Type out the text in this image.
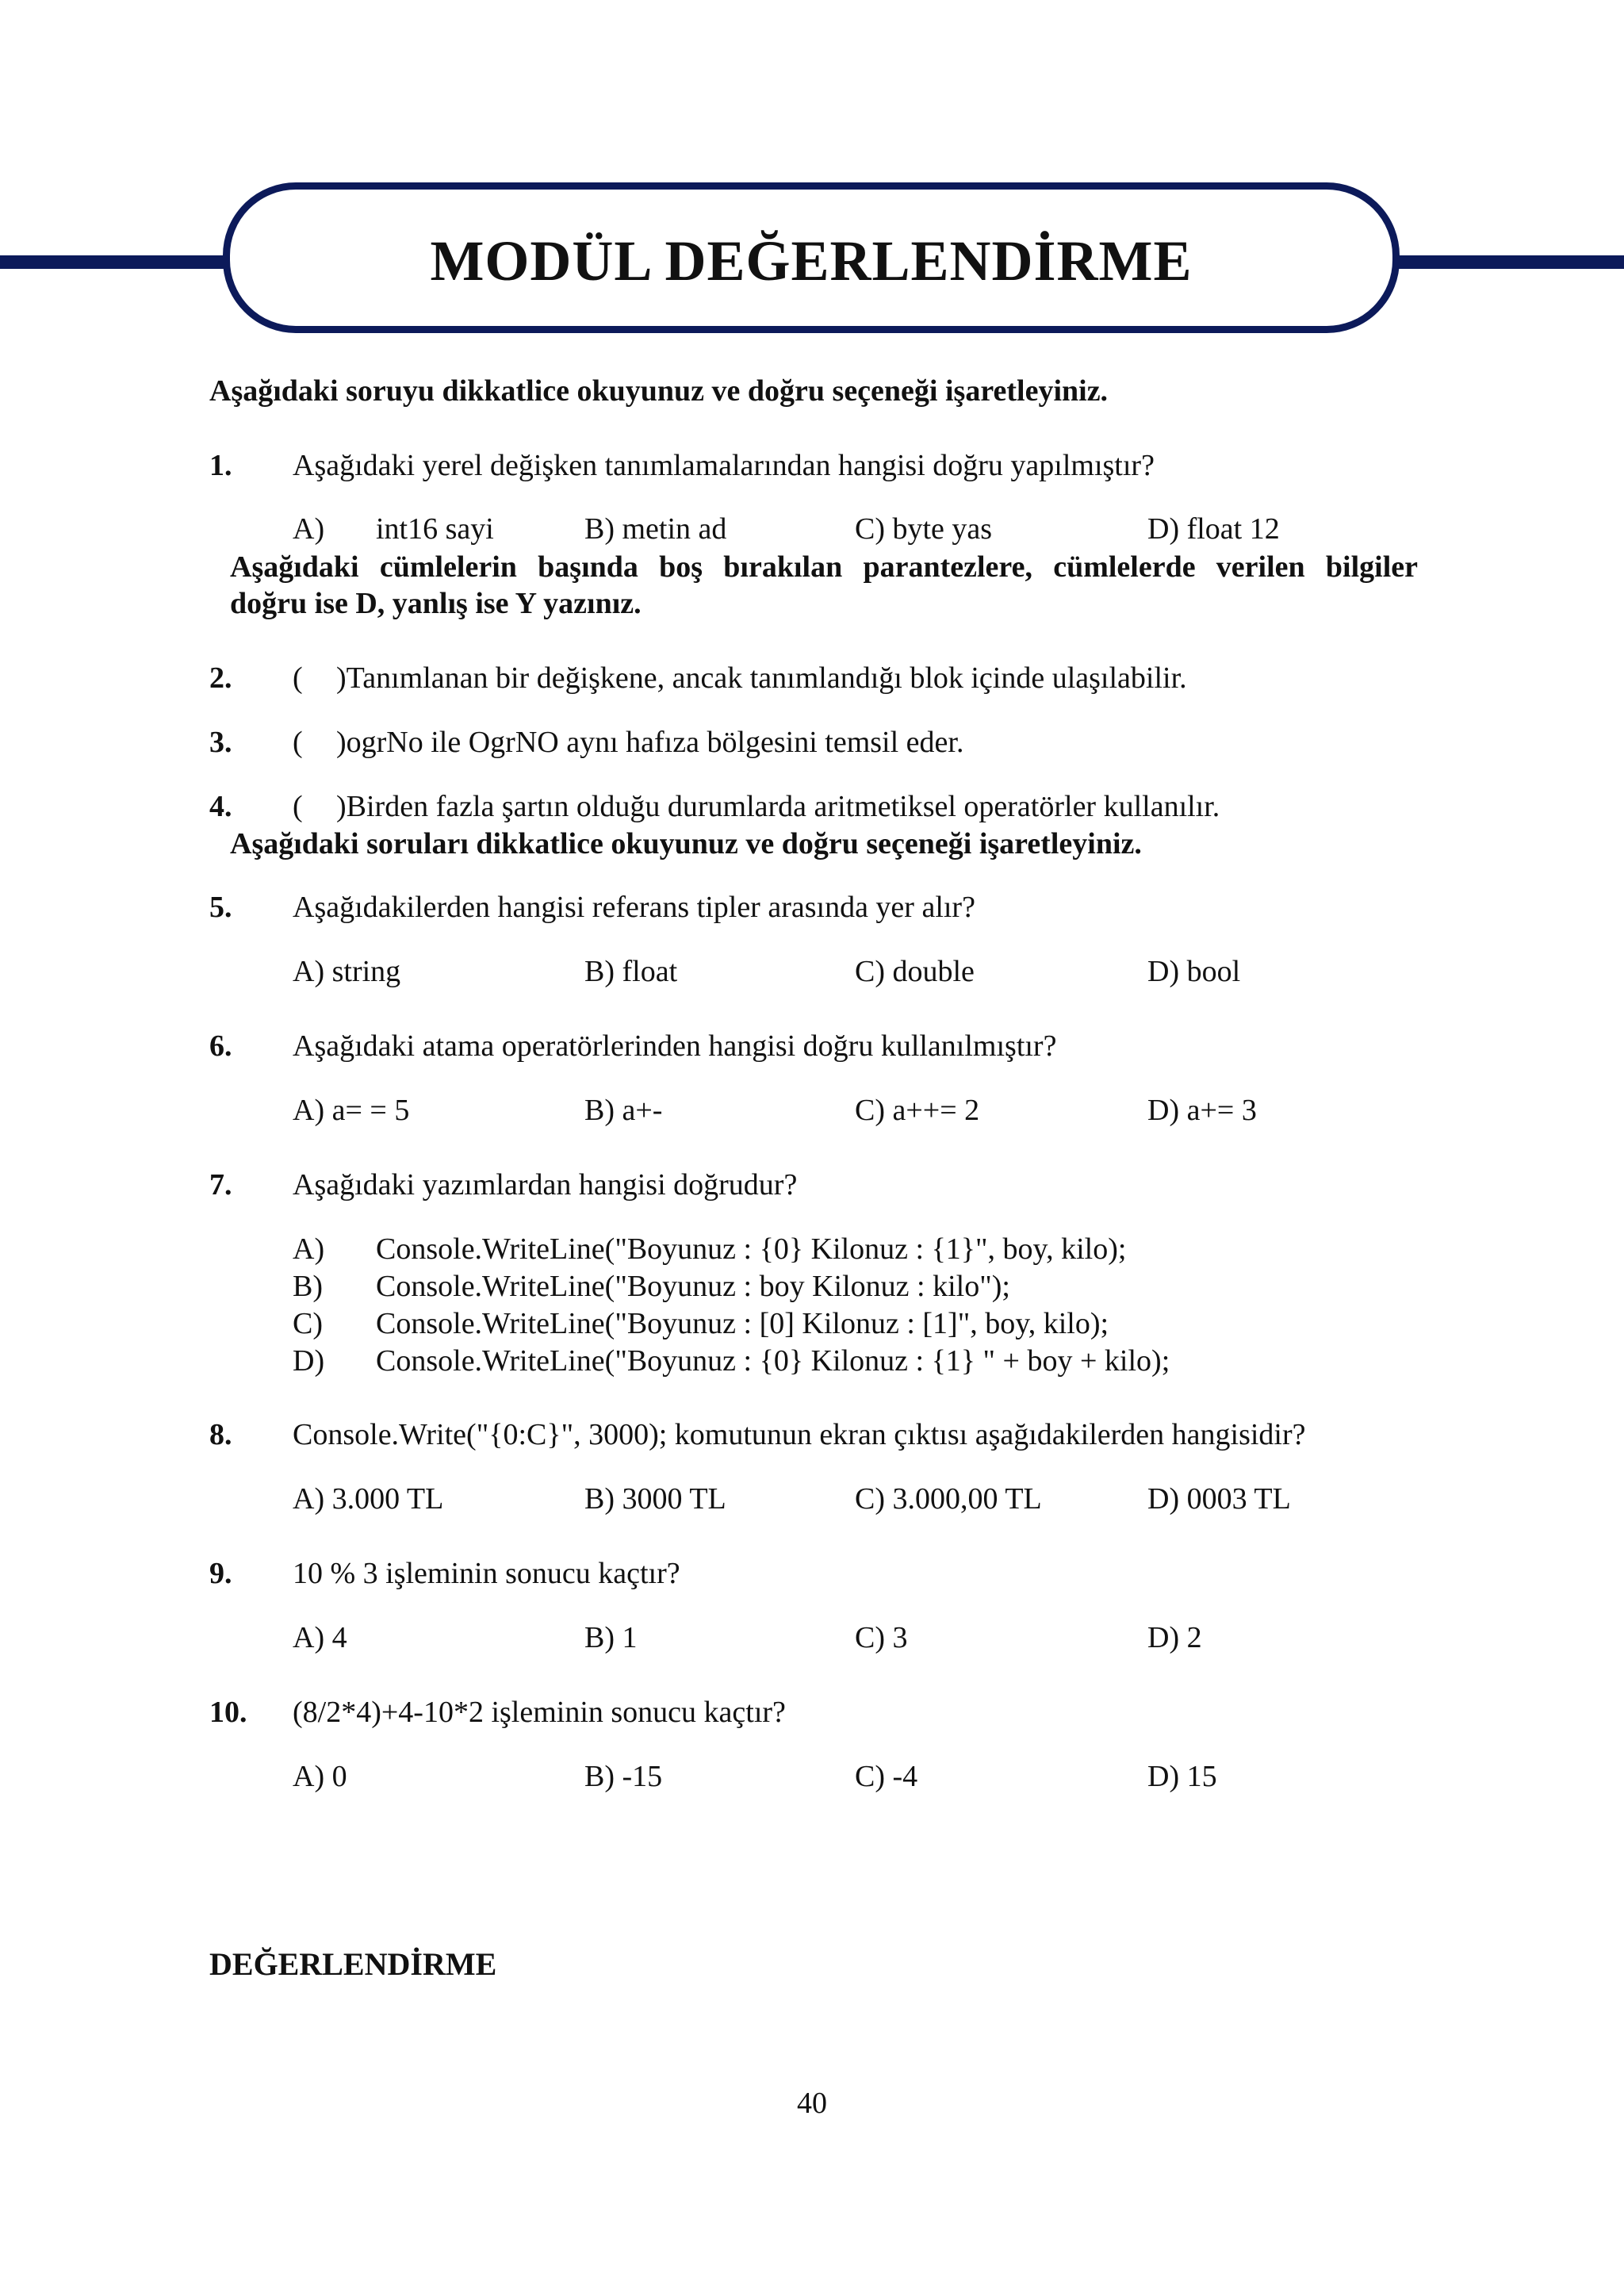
MODÜL DEĞERLENDİRME
Aşağıdaki soruyu dikkatlice okuyunuz ve doğru seçeneği işaretleyiniz.
1. Aşağıdaki yerel değişken tanımlamalarından hangisi doğru yapılmıştır?
A) int16 sayi	B) metin ad	C) byte yas	D) float 12
Aşağıdaki cümlelerin başında boş bırakılan parantezlere, cümlelerde verilen bilgiler
doğru ise D, yanlış ise Y yazınız.
2. ( )Tanımlanan bir değişkene, ancak tanımlandığı blok içinde ulaşılabilir.
3. ( )ogrNo ile OgrNO aynı hafıza bölgesini temsil eder.
4. ( )Birden fazla şartın olduğu durumlarda aritmetiksel operatörler kullanılır.
Aşağıdaki soruları dikkatlice okuyunuz ve doğru seçeneği işaretleyiniz.
5. Aşağıdakilerden hangisi referans tipler arasında yer alır?
A) string	B) float	C) double	D) bool
6. Aşağıdaki atama operatörlerinden hangisi doğru kullanılmıştır?
A) a= = 5	B) a+-	C) a++= 2	D) a+= 3
7. Aşağıdaki yazımlardan hangisi doğrudur?
A) Console.WriteLine("Boyunuz : {0} Kilonuz : {1}", boy, kilo);
B) Console.WriteLine("Boyunuz : boy Kilonuz : kilo");
C) Console.WriteLine("Boyunuz : [0] Kilonuz : [1]", boy, kilo);
D) Console.WriteLine("Boyunuz : {0} Kilonuz : {1} " + boy + kilo);
8. Console.Write("{0:C}", 3000); komutunun ekran çıktısı aşağıdakilerden hangisidir?
A) 3.000 TL	B) 3000 TL	C) 3.000,00 TL	D) 0003 TL
9. 10 % 3 işleminin sonucu kaçtır?
A) 4	B) 1	C) 3	D) 2
10. (8/2*4)+4-10*2 işleminin sonucu kaçtır?
A) 0	B) -15	C) -4	D) 15
DEĞERLENDİRME
40
